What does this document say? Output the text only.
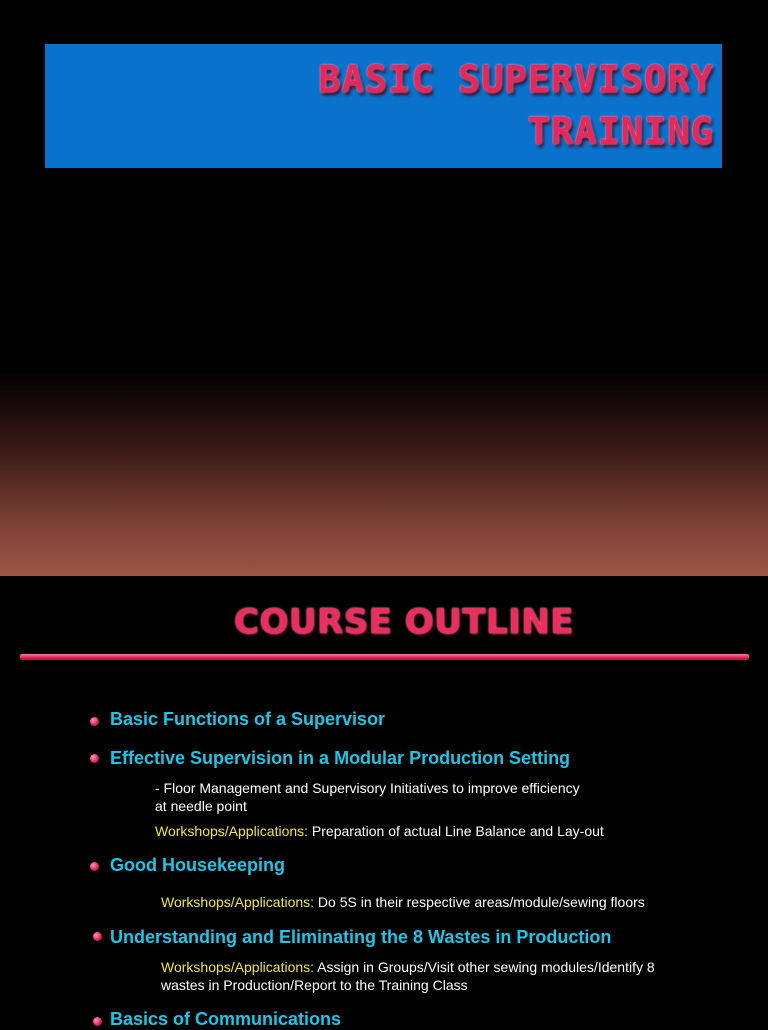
BASIC SUPERVISORY

TRAINING

COURSE OUTLINE

Basic Functions of a Supervisor

Effective Supervision in a Modular Production Setting

- Floor Management and Supervisory Initiatives to improve efficiency

at needle point

Workshops/Applications: Preparation of actual Line Balance and Lay-out

Good Housekeeping

Workshops/Applications: Do 5S in their respective areas/module/sewing floors

Understanding and Eliminating the 8 Wastes in Production

Workshops/Applications: Assign in Groups/Visit other sewing modules/Identify 8

wastes in Production/Report to the Training Class

Basics of Communications
